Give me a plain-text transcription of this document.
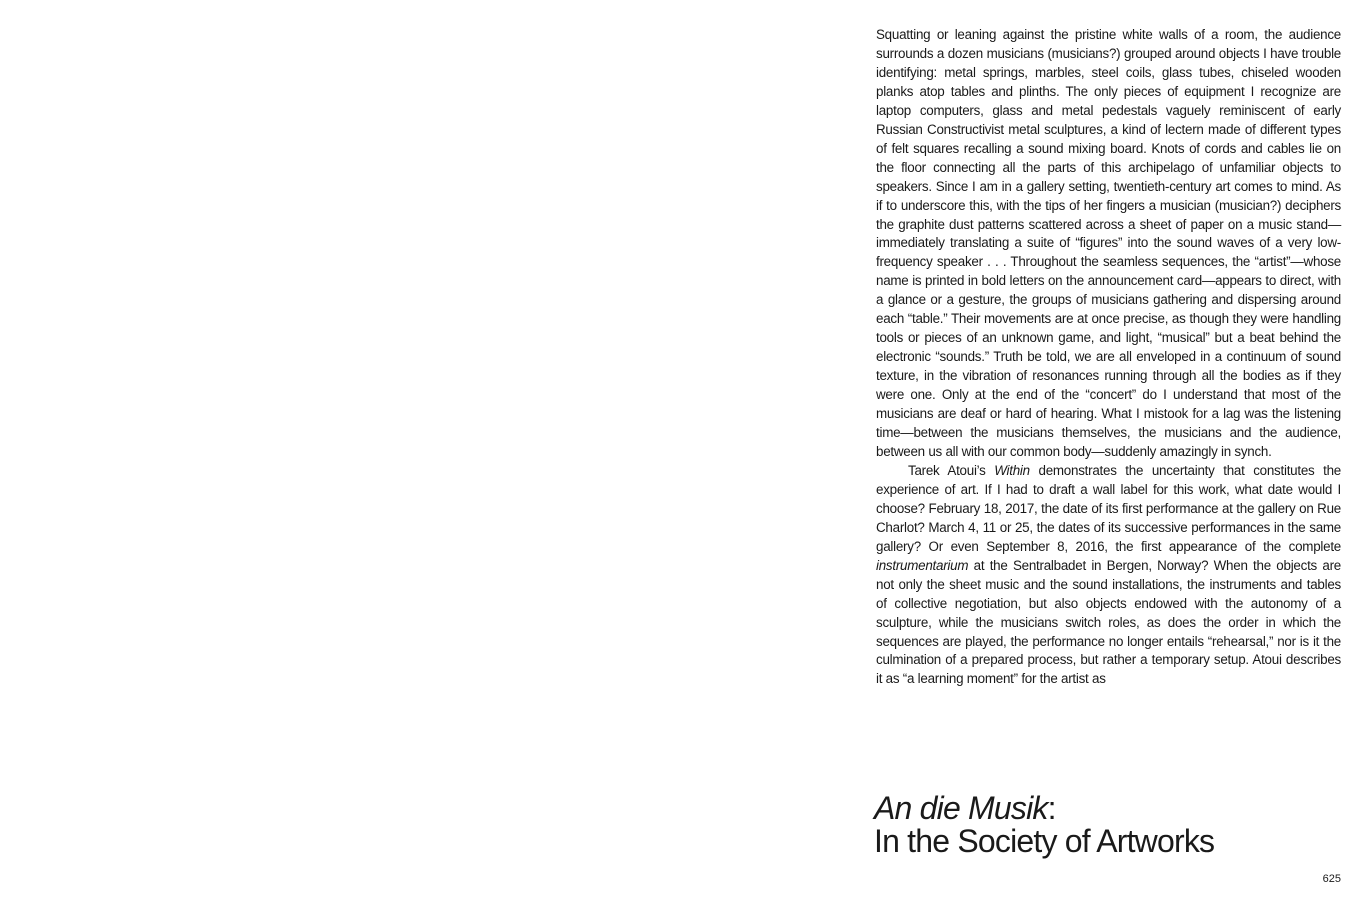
Squatting or leaning against the pristine white walls of a room, the audience surrounds a dozen musicians (musicians?) grouped around objects I have trouble identifying: metal springs, marbles, steel coils, glass tubes, chiseled wooden planks atop tables and plinths. The only pieces of equipment I recognize are laptop computers, glass and metal pedestals vaguely reminiscent of early Russian Constructivist metal sculptures, a kind of lectern made of different types of felt squares recalling a sound mixing board. Knots of cords and cables lie on the floor connecting all the parts of this archipelago of unfamiliar objects to speakers. Since I am in a gallery setting, twentieth-century art comes to mind. As if to underscore this, with the tips of her fingers a musician (musician?) deciphers the graphite dust patterns scattered across a sheet of paper on a music stand—immediately translating a suite of “figures” into the sound waves of a very low-frequency speaker . . . Throughout the seamless sequences, the “artist”—whose name is printed in bold letters on the announcement card—appears to direct, with a glance or a gesture, the groups of musicians gathering and dispersing around each “table.” Their movements are at once precise, as though they were handling tools or pieces of an unknown game, and light, “musical” but a beat behind the electronic “sounds.” Truth be told, we are all enveloped in a continuum of sound texture, in the vibration of resonances running through all the bodies as if they were one. Only at the end of the “concert” do I understand that most of the musicians are deaf or hard of hearing. What I mistook for a lag was the listening time—between the musicians themselves, the musicians and the audience, between us all with our common body—suddenly amazingly in synch.

Tarek Atoui’s Within demonstrates the uncertainty that constitutes the experience of art. If I had to draft a wall label for this work, what date would I choose? February 18, 2017, the date of its first performance at the gallery on Rue Charlot? March 4, 11 or 25, the dates of its successive performances in the same gallery? Or even September 8, 2016, the first appearance of the complete instrumentarium at the Sentralbadet in Bergen, Norway? When the objects are not only the sheet music and the sound installations, the instruments and tables of collective negotiation, but also objects endowed with the autonomy of a sculpture, while the musicians switch roles, as does the order in which the sequences are played, the performance no longer entails “rehearsal,” nor is it the culmination of a prepared process, but rather a temporary setup. Atoui describes it as “a learning moment” for the artist as

An die Musik:
In the Society of Artworks
625
